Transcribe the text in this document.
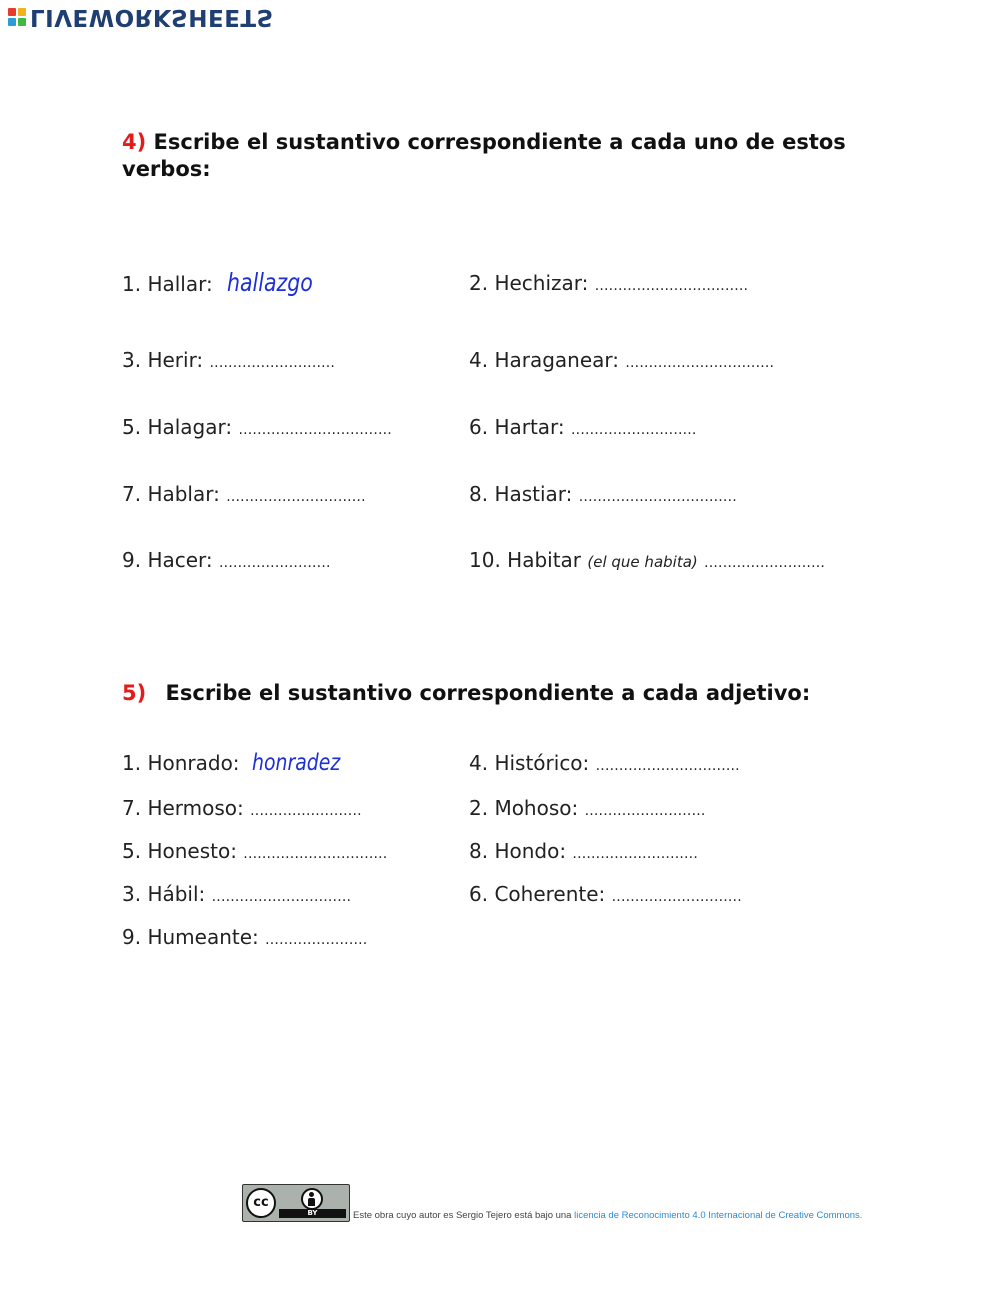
LIVEWORKSHEETS
4) Escribe el sustantivo correspondiente a cada uno de estos verbos:
1. Hallar: hallazgo	2. Hechizar: .................................
3. Herir: ...........................	4. Haraganear: ................................
5. Halagar: .................................	6. Hartar: ...........................
7. Hablar: ..............................	8. Hastiar: ..................................
9. Hacer: ........................	10. Habitar (el que habita) ..........................
5) Escribe el sustantivo correspondiente a cada adjetivo:
1. Honrado: honradez	4. Histórico: ...............................
7. Hermoso: ........................	2. Mohoso: ..........................
5. Honesto: ...............................	8. Hondo: ...........................
3. Hábil: ..............................	6. Coherente: ............................
9. Humeante: ......................
cc
BY	Este obra cuyo autor es Sergio Tejero está bajo una licencia de Reconocimiento 4.0 Internacional de Creative Commons.
